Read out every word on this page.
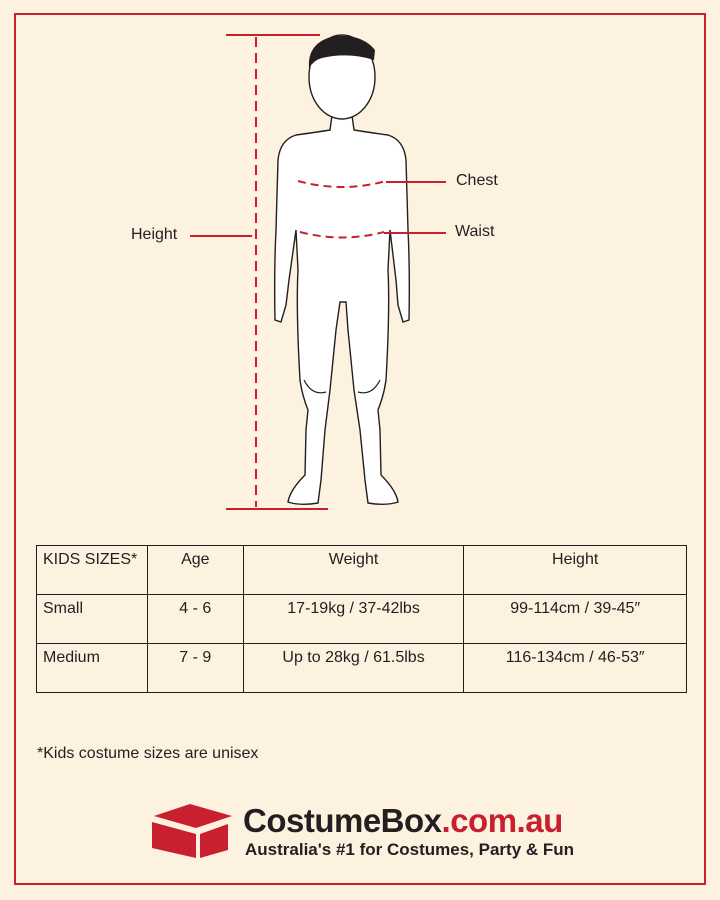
Height
Chest
Waist
KIDS SIZES*	Age	Weight	Height
Small	4 - 6	17-19kg / 37-42lbs	99-114cm / 39-45″
Medium	7 - 9	Up to 28kg / 61.5lbs	116-134cm / 46-53″
*Kids costume sizes are unisex
CostumeBox.com.au
Australia's #1 for Costumes, Party & Fun
